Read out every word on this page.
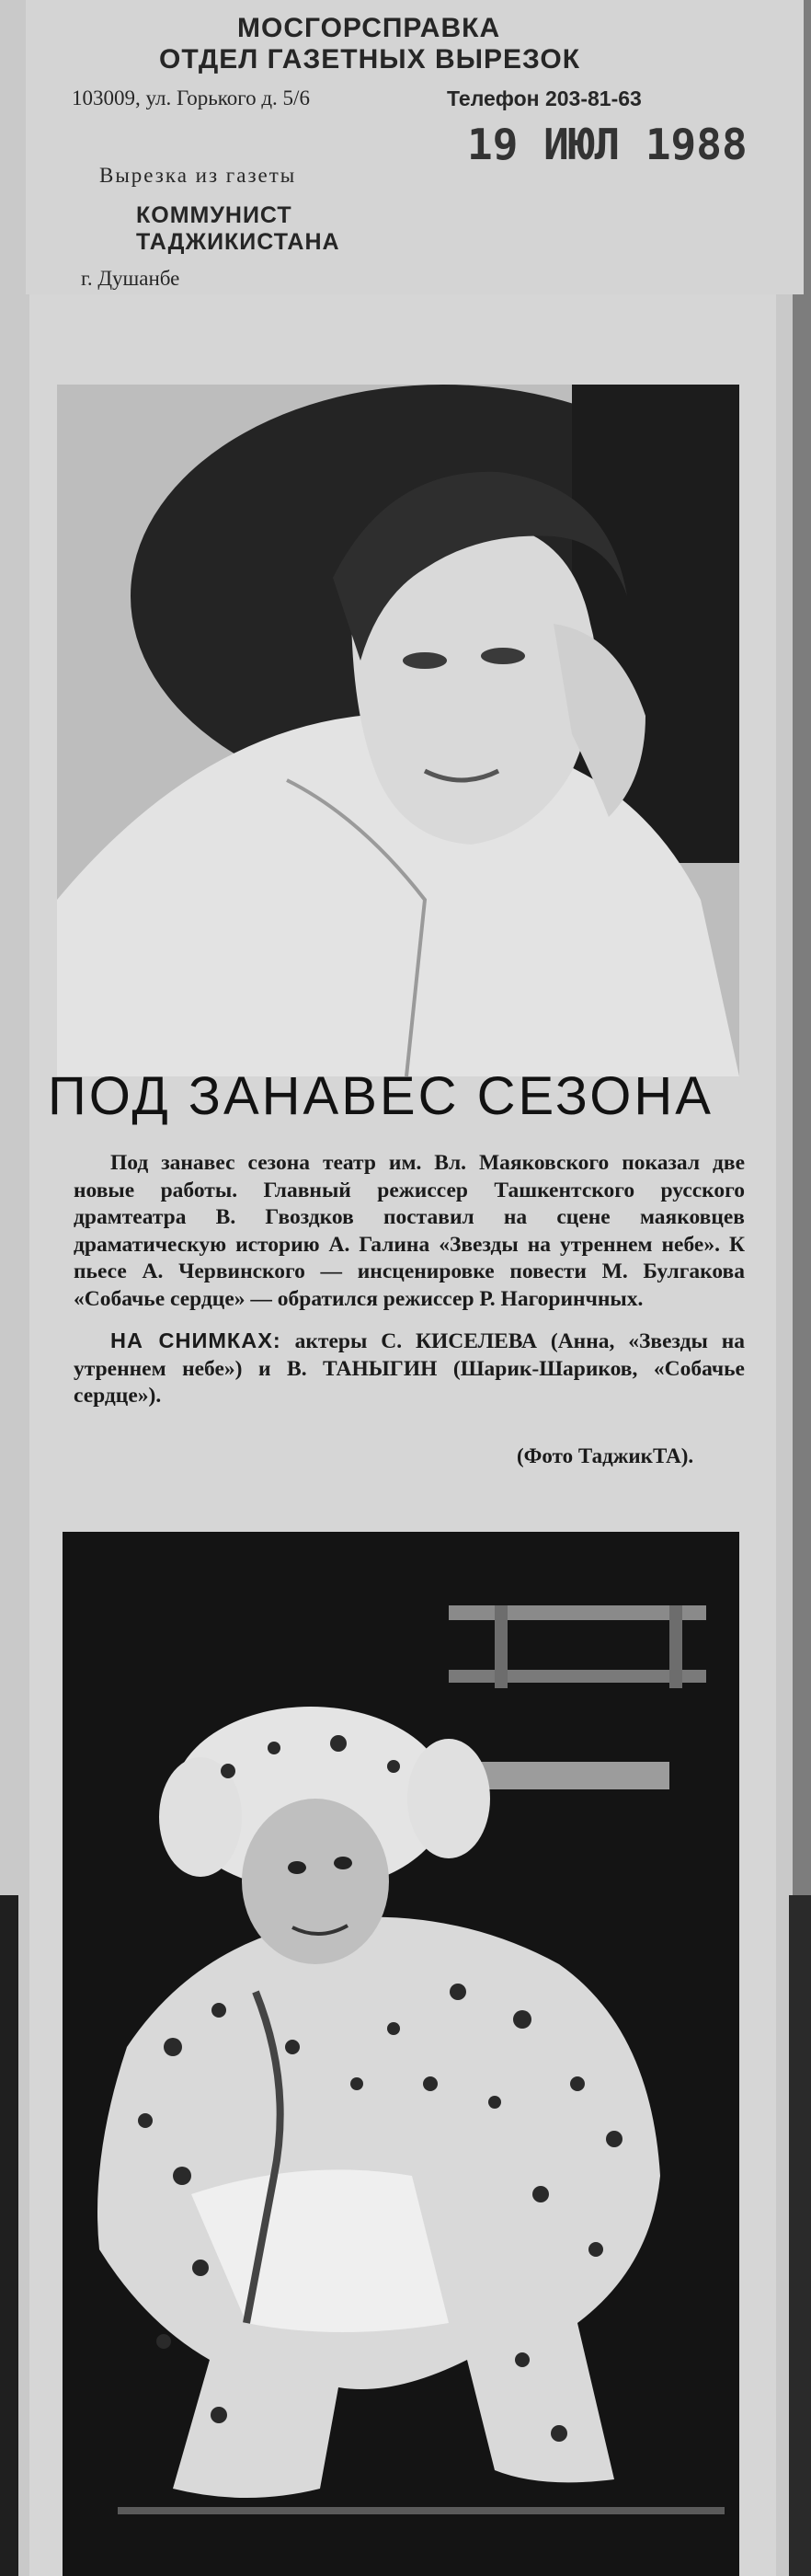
МОСГОРСПРАВКА
ОТДЕЛ ГАЗЕТНЫХ ВЫРЕЗОК
103009, ул. Горького д. 5/6	Телефон 203-81-63
19 ИЮЛ 1988
Вырезка из газеты
КОММУНИСТ
ТАДЖИКИСТАНА
г. Душанбе
ПОД ЗАНАВЕС СЕЗОНА

Под занавес сезона театр им. Вл. Маяковского показал две новые работы. Главный режиссер Ташкентского русского драмтеатра В. Гвоздков поставил на сцене маяковцев драматическую историю А. Галина «Звезды на утреннем небе». К пьесе А. Червинского — инсценировке повести М. Булгакова «Собачье сердце» — обратился режиссер Р. Нагоринчных.

НА СНИМКАХ: актеры С. КИСЕЛЕВА (Анна, «Звезды на утреннем небе») и В. ТАНЫГИН (Шарик-Шариков, «Собачье сердце»).

(Фото ТаджикТА).
